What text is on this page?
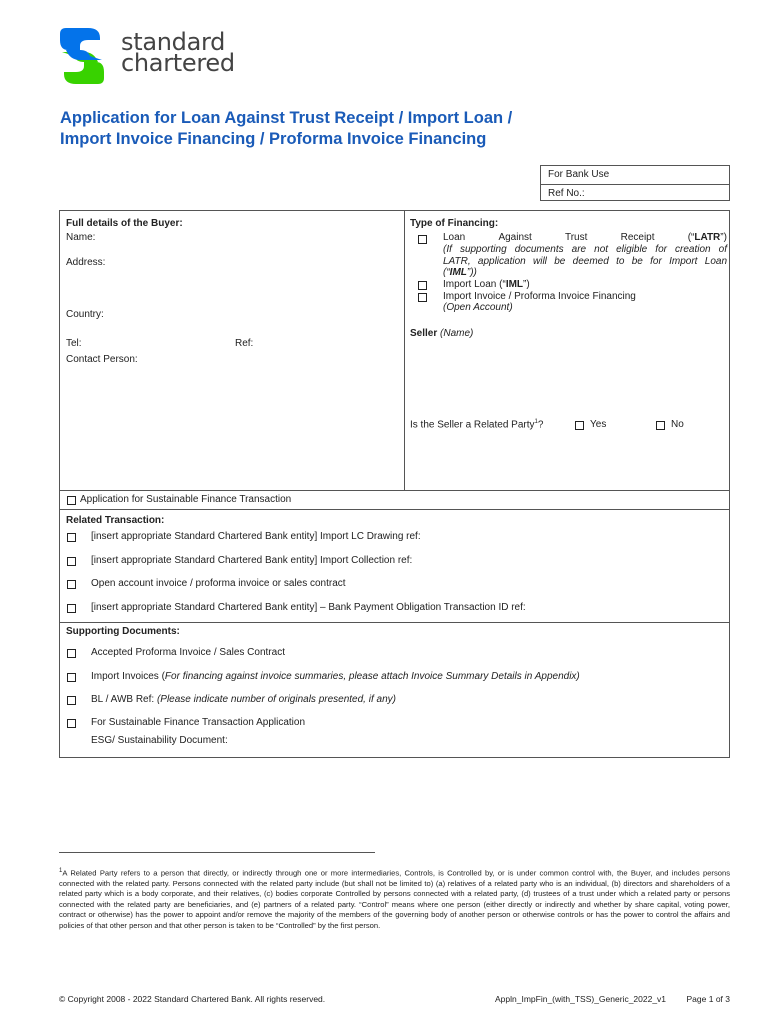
standard
chartered
Application for Loan Against Trust Receipt / Import Loan /
Import Invoice Financing / Proforma Invoice Financing
For Bank Use
Ref No.:
Full details of the Buyer:
Name:
Address:
Country:
Tel:	Ref:
Contact Person:
Type of Financing:
Loan	Against	Trust	Receipt	(“LATR”)
(If supporting documents are not eligible for creation of
LATR, application will be deemed to be for Import Loan
(“IML”))
Import Loan (“IML”)
Import Invoice / Proforma Invoice Financing
(Open Account)
Seller (Name)
Is the Seller a Related Party$^1$?	Yes	No
Application for Sustainable Finance Transaction
Related Transaction:
[insert appropriate Standard Chartered Bank entity] Import LC Drawing ref:
[insert appropriate Standard Chartered Bank entity] Import Collection ref:
Open account invoice / proforma invoice or sales contract
[insert appropriate Standard Chartered Bank entity] – Bank Payment Obligation Transaction ID ref:
Supporting Documents:
Accepted Proforma Invoice / Sales Contract
Import Invoices (For financing against invoice summaries, please attach Invoice Summary Details in Appendix)
BL / AWB Ref: (Please indicate number of originals presented, if any)
For Sustainable Finance Transaction Application
ESG/ Sustainability Document:
$^1$A Related Party refers to a person that directly, or indirectly through one or more intermediaries, Controls, is Controlled by, or is under common control with, the Buyer, and includes persons connected with the related party. Persons connected with the related party include (but shall not be limited to) (a) relatives of a related party who is an individual, (b) directors and shareholders of a related party which is a body corporate, and their relatives, (c) bodies corporate Controlled by persons connected with a related party, (d) trustees of a trust under which a related party or persons connected with the related party are beneficiaries, and (e) partners of a related party. “Control” means where one person (either directly or indirectly and whether by share capital, voting power, contract or otherwise) has the power to appoint and/or remove the majority of the members of the governing body of another person or otherwise controls or has the power to control the affairs and policies of that other person and that other person is taken to be “Controlled” by the first person.
© Copyright 2008 - 2022 Standard Chartered Bank. All rights reserved.	Appln_ImpFin_(with_TSS)_Generic_2022_v1	Page 1 of 3
